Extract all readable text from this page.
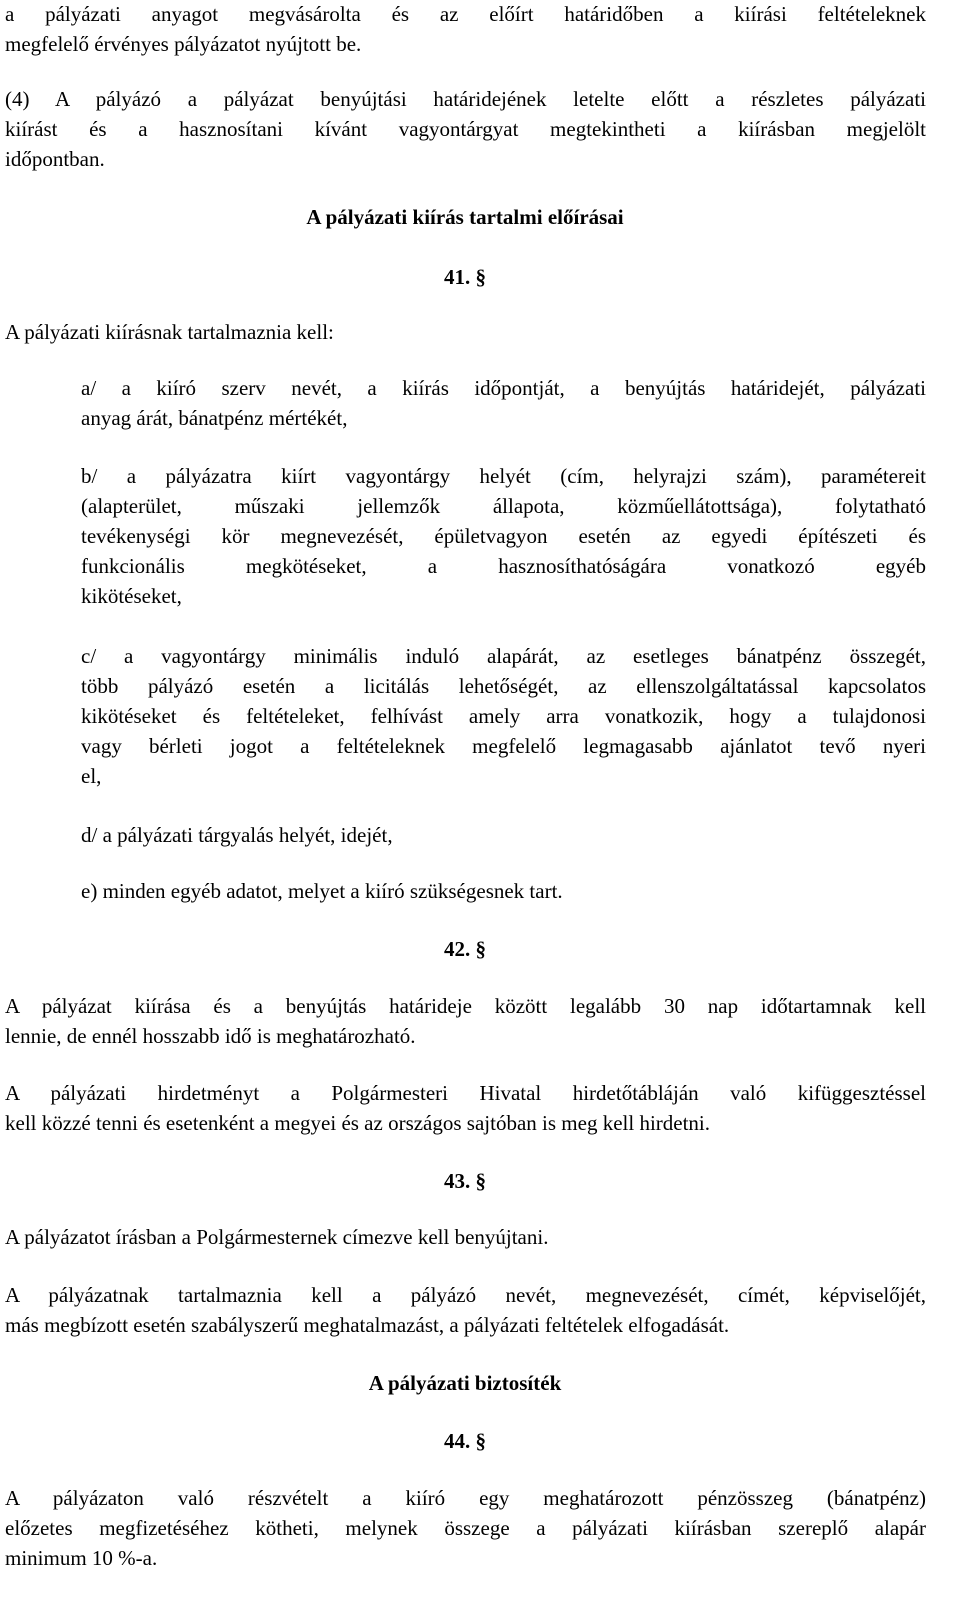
a pályázati anyagot megvásárolta és az előírt határidőben a kiírási feltételeknek
megfelelő érvényes pályázatot nyújtott be.

(4) A pályázó a pályázat benyújtási határidejének letelte előtt a részletes pályázati
kiírást és a hasznosítani kívánt vagyontárgyat megtekintheti a kiírásban megjelölt
időpontban.

A pályázati kiírás tartalmi előírásai
41. §
A pályázati kiírásnak tartalmaznia kell:

a/ a kiíró szerv nevét, a kiírás időpontját, a benyújtás határidejét, pályázati
anyag árát, bánatpénz mértékét,

b/ a pályázatra kiírt vagyontárgy helyét (cím, helyrajzi szám), paramétereit
(alapterület, műszaki jellemzők állapota, közműellátottsága), folytatható
tevékenységi kör megnevezését, épületvagyon esetén az egyedi építészeti és
funkcionális megkötéseket, a hasznosíthatóságára vonatkozó egyéb
kikötéseket,

c/ a vagyontárgy minimális induló alapárát, az esetleges bánatpénz összegét,
több pályázó esetén a licitálás lehetőségét, az ellenszolgáltatással kapcsolatos
kikötéseket és feltételeket, felhívást amely arra vonatkozik, hogy a tulajdonosi
vagy bérleti jogot a feltételeknek megfelelő legmagasabb ajánlatot tevő nyeri
el,

d/ a pályázati tárgyalás helyét, idejét,

e) minden egyéb adatot, melyet a kiíró szükségesnek tart.

42. §

A pályázat kiírása és a benyújtás határideje között legalább 30 nap időtartamnak kell
lennie, de ennél hosszabb idő is meghatározható.

A pályázati hirdetményt a Polgármesteri Hivatal hirdetőtábláján való kifüggesztéssel
kell közzé tenni és esetenként a megyei és az országos sajtóban is meg kell hirdetni.

43. §

A pályázatot írásban a Polgármesternek címezve kell benyújtani.

A pályázatnak tartalmaznia kell a pályázó nevét, megnevezését, címét, képviselőjét,
más megbízott esetén szabályszerű meghatalmazást, a pályázati feltételek elfogadását.

A pályázati biztosíték
44. §

A pályázaton való részvételt a kiíró egy meghatározott pénzösszeg (bánatpénz)
előzetes megfizetéséhez kötheti, melynek összege a pályázati kiírásban szereplő alapár
minimum 10 %-a.
